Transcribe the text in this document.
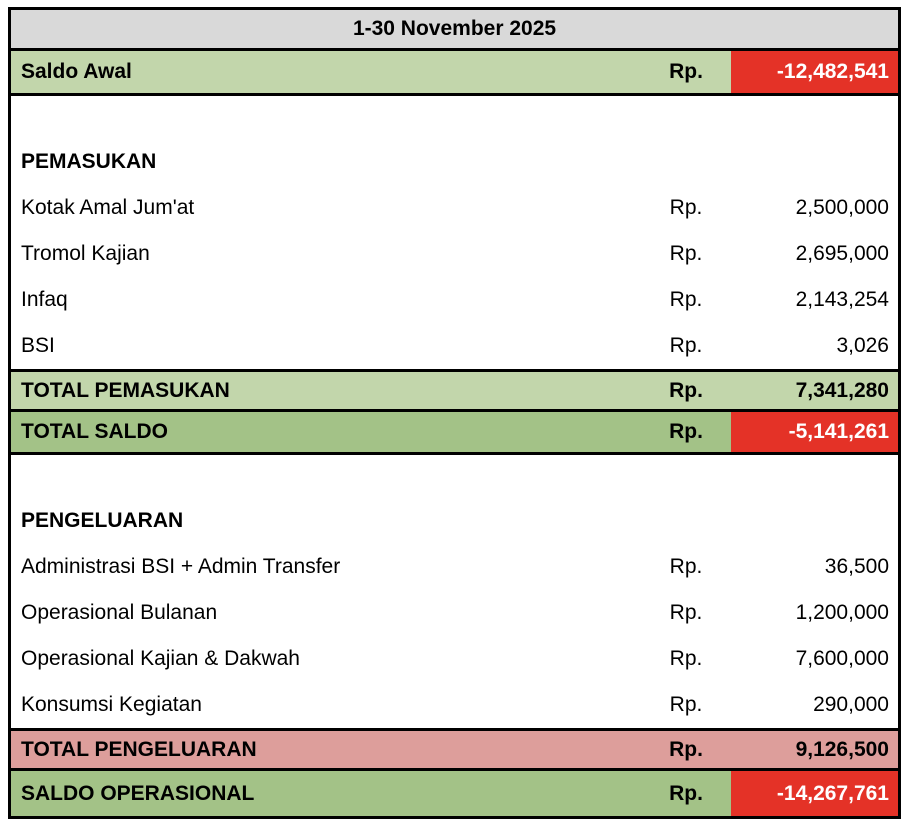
1-30 November 2025
Saldo Awal	Rp.	-12,482,541
PEMASUKAN
Kotak Amal Jum'at	Rp.	2,500,000
Tromol Kajian	Rp.	2,695,000
Infaq	Rp.	2,143,254
BSI	Rp.	3,026
TOTAL PEMASUKAN	Rp.	7,341,280
TOTAL SALDO	Rp.	-5,141,261
PENGELUARAN
Administrasi BSI + Admin Transfer	Rp.	36,500
Operasional Bulanan	Rp.	1,200,000
Operasional Kajian & Dakwah	Rp.	7,600,000
Konsumsi Kegiatan	Rp.	290,000
TOTAL PENGELUARAN	Rp.	9,126,500
SALDO OPERASIONAL	Rp.	-14,267,761
